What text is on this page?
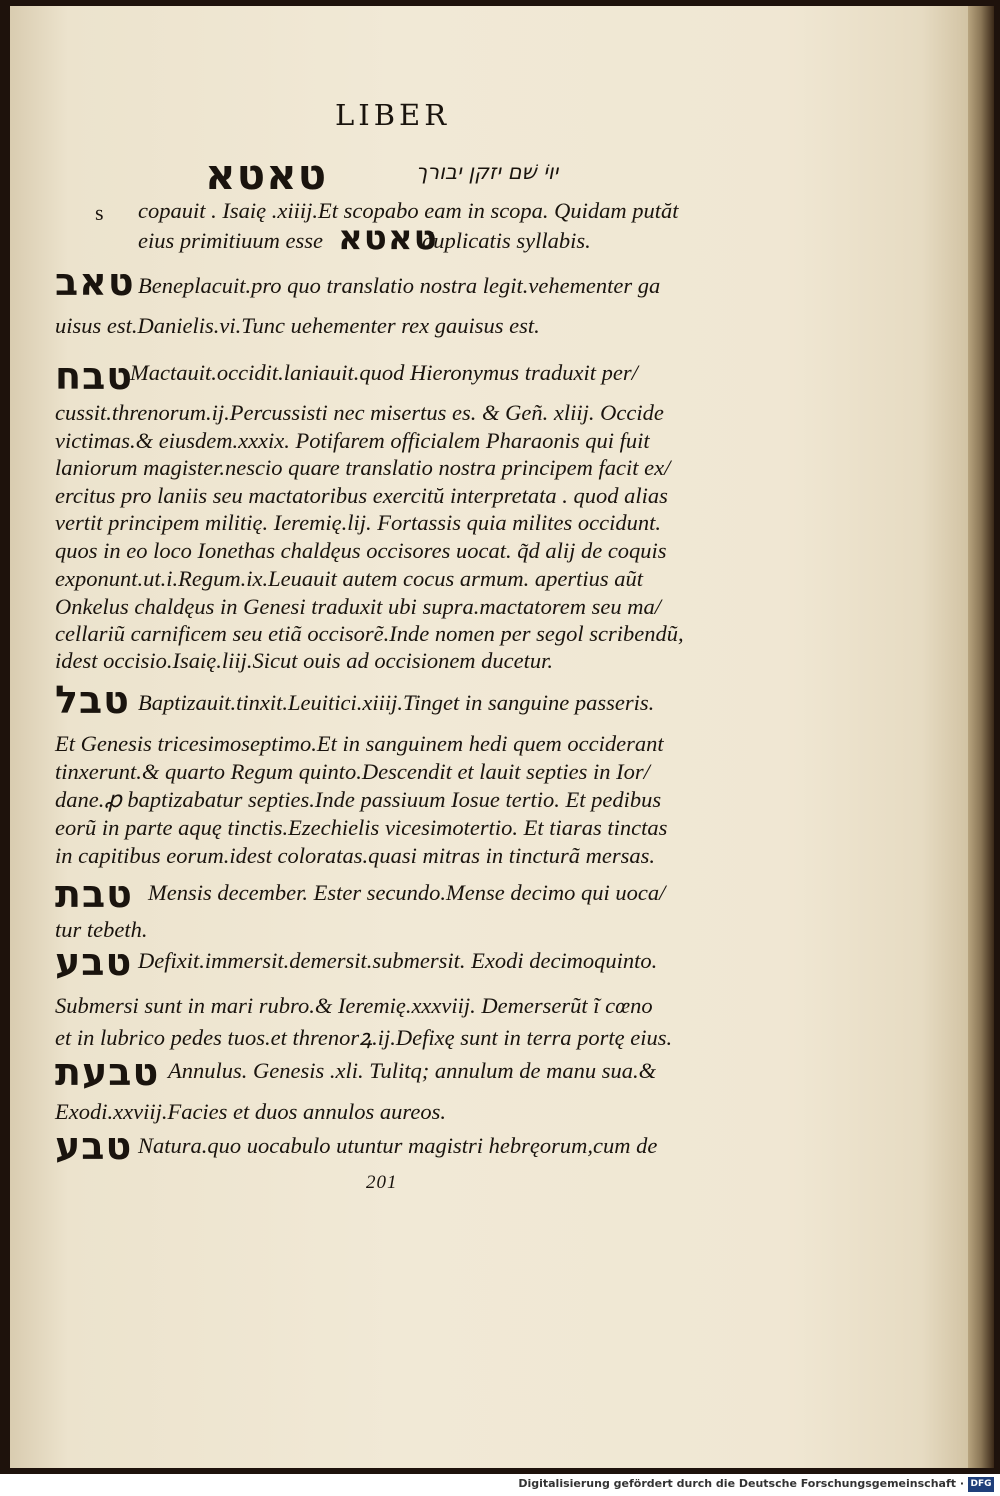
LIBER
טאטא	יוֹי שׁם יזקן יבורך
s copauit . Isaię .xiiij.Et scopabo eam in scopa. Quidam putăt
eius primitiuum esse טאטא
duplicatis syllabis.
טאב Beneplacuit.pro quo translatio nostra legit.vehementer ga
uisus est.Danielis.vi.Tunc uehementer rex gauisus est.
טבח
Mactauit.occidit.laniauit.quod Hieronymus traduxit per/
cussit.threnorum.ij.Percussisti nec misertus es. & Geñ. xliij. Occide
victimas.& eiusdem.xxxix. Potifarem officialem Pharaonis qui fuit
laniorum magister.nescio quare translatio nostra principem facit ex/
ercitus pro laniis seu mactatoribus exercitŭ interpretata . quod alias
vertit principem militię. Ieremię.lij. Fortassis quia milites occidunt.
quos in eo loco Ionethas chaldęus occisores uocat. q̃d alij de coquis
exponunt.ut.i.Regum.ix.Leuauit autem cocus armum. apertius aũt
Onkelus chaldęus in Genesi traduxit ubi supra.mactatorem seu ma/
cellariũ carnificem seu etiã occisorẽ.Inde nomen per segol scribendũ,
idest occisio.Isaię.liij.Sicut ouis ad occisionem ducetur.
טבל Baptizauit.tinxit.Leuitici.xiiij.Tinget in sanguine passeris.
Et Genesis tricesimoseptimo.Et in sanguinem hedi quem occiderant
tinxerunt.& quarto Regum quinto.Descendit et lauit septies in Ior/
dane.ꝓ baptizabatur septies.Inde passiuum Iosue tertio. Et pedibus
eorũ in parte aquę tinctis.Ezechielis vicesimotertio. Et tiaras tinctas
in capitibus eorum.idest coloratas.quasi mitras in tincturã mersas.
טבת Mensis december. Ester secundo.Mense decimo qui uoca/
tur tebeth.
טבע Defixit.immersit.demersit.submersit. Exodi decimoquinto.
Submersi sunt in mari rubro.& Ieremię.xxxviij. Demerserũt ĩ cœno
et in lubrico pedes tuos.et threnorꝝ.ij.Defixę sunt in terra portę eius.
טבעת Annulus. Genesis .xli. Tulitq; annulum de manu sua.&
Exodi.xxviij.Facies et duos annulos aureos.
טבע Natura.quo uocabulo utuntur magistri hebręorum,cum de
201
Digitalisierung gefördert durch die Deutsche Forschungsgemeinschaft · DFG
